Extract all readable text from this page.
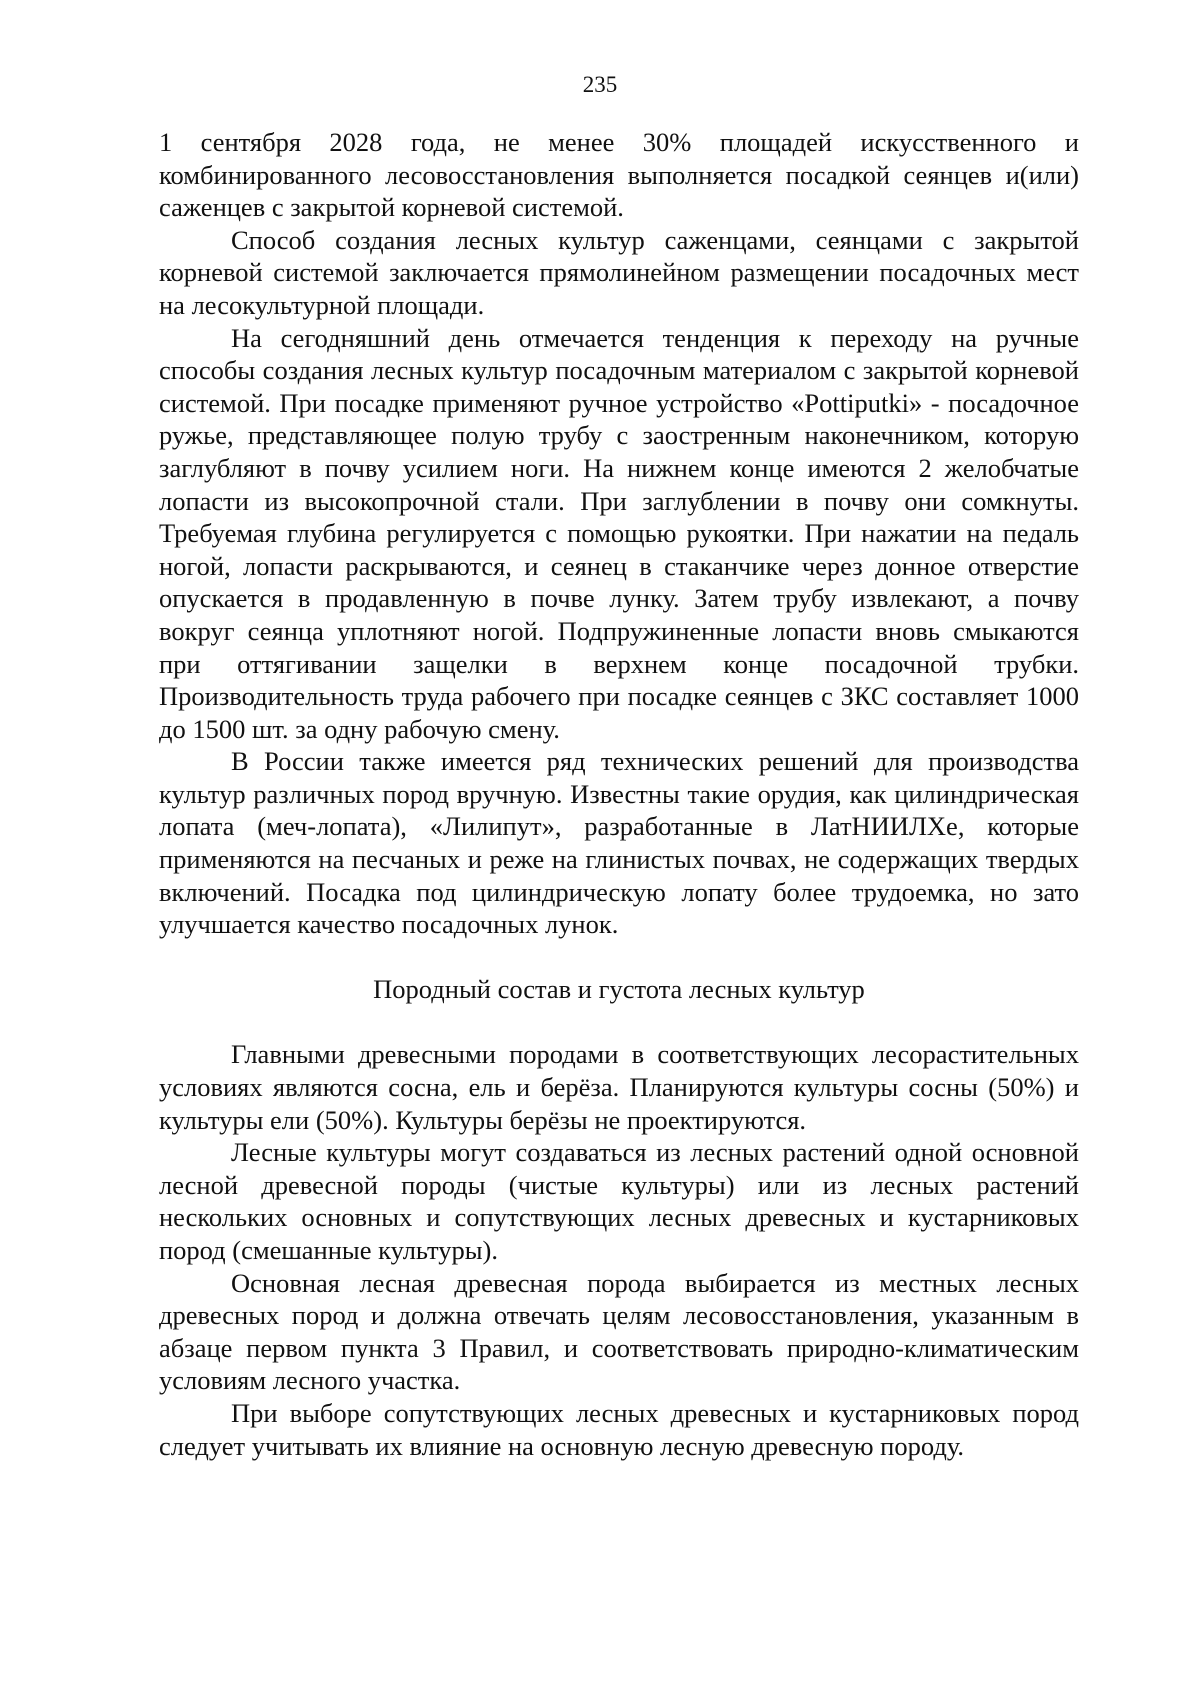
235

1 сентября 2028 года, не менее 30% площадей искусственного и комбинированного лесовосстановления выполняется посадкой сеянцев и(или) саженцев с закрытой корневой системой.

Способ создания лесных культур саженцами, сеянцами с закрытой корневой системой заключается прямолинейном размещении посадочных мест на лесокультурной площади.

На сегодняшний день отмечается тенденция к переходу на ручные способы создания лесных культур посадочным материалом с закрытой корневой системой. При посадке применяют ручное устройство «Pottiputki» - посадочное ружье, представляющее полую трубу с заостренным наконечником, которую заглубляют в почву усилием ноги. На нижнем конце имеются 2 желобчатые лопасти из высокопрочной стали. При заглублении в почву они сомкнуты. Требуемая глубина регулируется с помощью рукоятки. При нажатии на педаль ногой, лопасти раскрываются, и сеянец в стаканчике через донное отверстие опускается в продавленную в почве лунку. Затем трубу извлекают, а почву вокруг сеянца уплотняют ногой. Подпружиненные лопасти вновь смыкаются при оттягивании защелки в верхнем конце посадочной трубки. Производительность труда рабочего при посадке сеянцев с ЗКС составляет 1000 до 1500 шт. за одну рабочую смену.

В России также имеется ряд технических решений для производства культур различных пород вручную. Известны такие орудия, как цилиндрическая лопата (меч-лопата), «Лилипут», разработанные в ЛатНИИЛХе, которые применяются на песчаных и реже на глинистых почвах, не содержащих твердых включений. Посадка под цилиндрическую лопату более трудоемка, но зато улучшается качество посадочных лунок.

Породный состав и густота лесных культур

Главными древесными породами в соответствующих лесорастительных условиях являются сосна, ель и берёза. Планируются культуры сосны (50%) и культуры ели (50%). Культуры берёзы не проектируются.

Лесные культуры могут создаваться из лесных растений одной основной лесной древесной породы (чистые культуры) или из лесных растений нескольких основных и сопутствующих лесных древесных и кустарниковых пород (смешанные культуры).

Основная лесная древесная порода выбирается из местных лесных древесных пород и должна отвечать целям лесовосстановления, указанным в абзаце первом пункта 3 Правил, и соответствовать природно-климатическим условиям лесного участка.

При выборе сопутствующих лесных древесных и кустарниковых пород следует учитывать их влияние на основную лесную древесную породу.
